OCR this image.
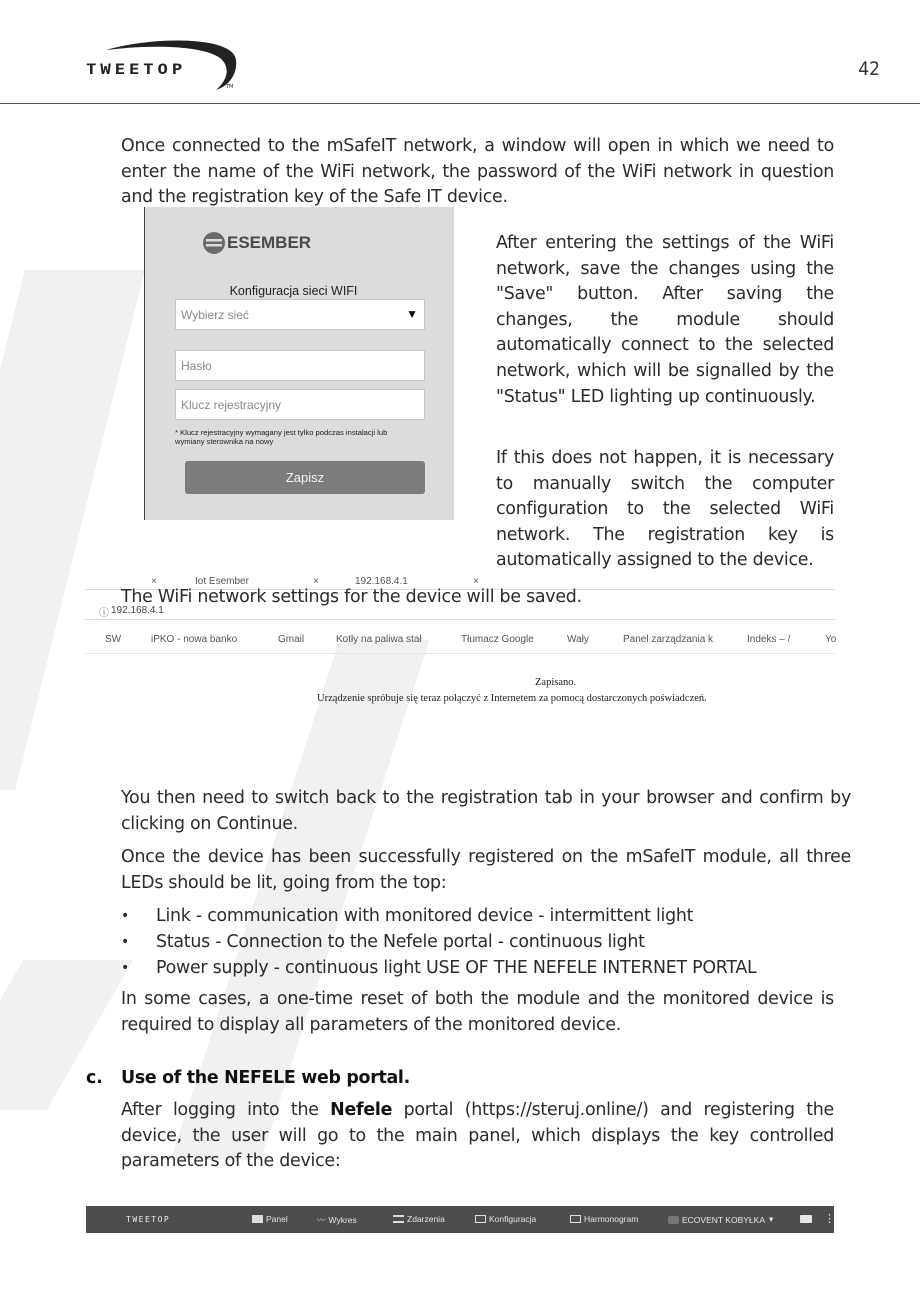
TWEETOP
TM
42
Once connected to the mSafeIT network, a window will open in which we need to enter the name of the WiFi network, the password of the WiFi network in question and the registration key of the Safe IT device.
ESEMBER
Konfiguracja sieci WIFI
Wybierz sieć	▼
Hasło
Klucz rejestracyjny
* Klucz rejestracyjny wymagany jest tylko podczas instalacji lub wymiany sterownika na nowy
Zapisz
After entering the settings of the WiFi network, save the changes using the "Save" button. After saving the changes, the module should automatically connect to the selected network, which will be signalled by the "Status" LED lighting up continuously.
If this does not happen, it is necessary to manually switch the computer configuration to the selected WiFi network. The registration key is automatically assigned to the device.
×	Iot Esember	×	192.168.4.1	×
ⓘ 192.168.4.1
SW	iPKO - nowa banko	Gmail	Kotły na paliwa stał	Tłumacz Google	Wały	Panel zarządzania k	Indeks – /	Yo
Zapisano.
Urządzenie spróbuje się teraz połączyć z Internetem za pomocą dostarczonych poświadczeń.
The WiFi network settings for the device will be saved.
You then need to switch back to the registration tab in your browser and confirm by clicking on Continue.
Once the device has been successfully registered on the mSafeIT module, all three LEDs should be lit, going from the top:
• Link - communication with monitored device - intermittent light
• Status - Connection to the Nefele portal - continuous light
• Power supply - continuous light USE OF THE NEFELE INTERNET PORTAL
In some cases, a one-time reset of both the module and the monitored device is required to display all parameters of the monitored device.
c. Use of the NEFELE web portal.
After logging into the Nefele portal (https://steruj.online/) and registering the device, the user will go to the main panel, which displays the key controlled parameters of the device:
TWEETOP	Panel	〰 Wykres	Zdarzenia	Konfiguracja	Harmonogram	ECOVENT KOBYŁKA ▾	⋮
